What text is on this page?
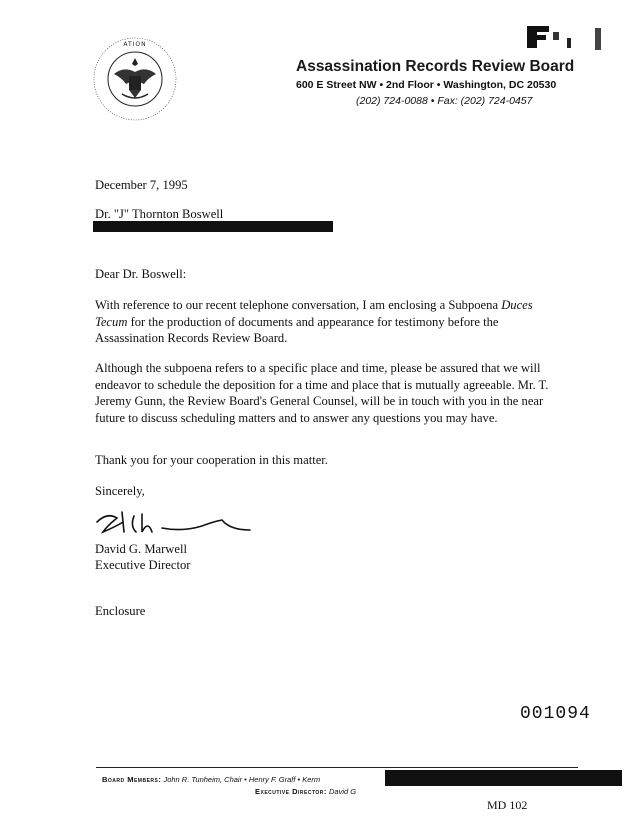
ATION
Assassination Records Review Board
600 E Street NW • 2nd Floor • Washington, DC 20530
(202) 724-0088 • Fax: (202) 724-0457
December 7, 1995
Dr. "J" Thornton Boswell
Dear Dr. Boswell:
With reference to our recent telephone conversation, I am enclosing a Subpoena Duces Tecum for the production of documents and appearance for testimony before the Assassination Records Review Board.
Although the subpoena refers to a specific place and time, please be assured that we will endeavor to schedule the deposition for a time and place that is mutually agreeable. Mr. T. Jeremy Gunn, the Review Board's General Counsel, will be in touch with you in the near future to discuss scheduling matters and to answer any questions you may have.
Thank you for your cooperation in this matter.
Sincerely,
David G. Marwell
Executive Director
Enclosure
001094
Board Members: John R. Tunheim, Chair • Henry F. Graff • Kerm
Executive Director: David G
MD 102
